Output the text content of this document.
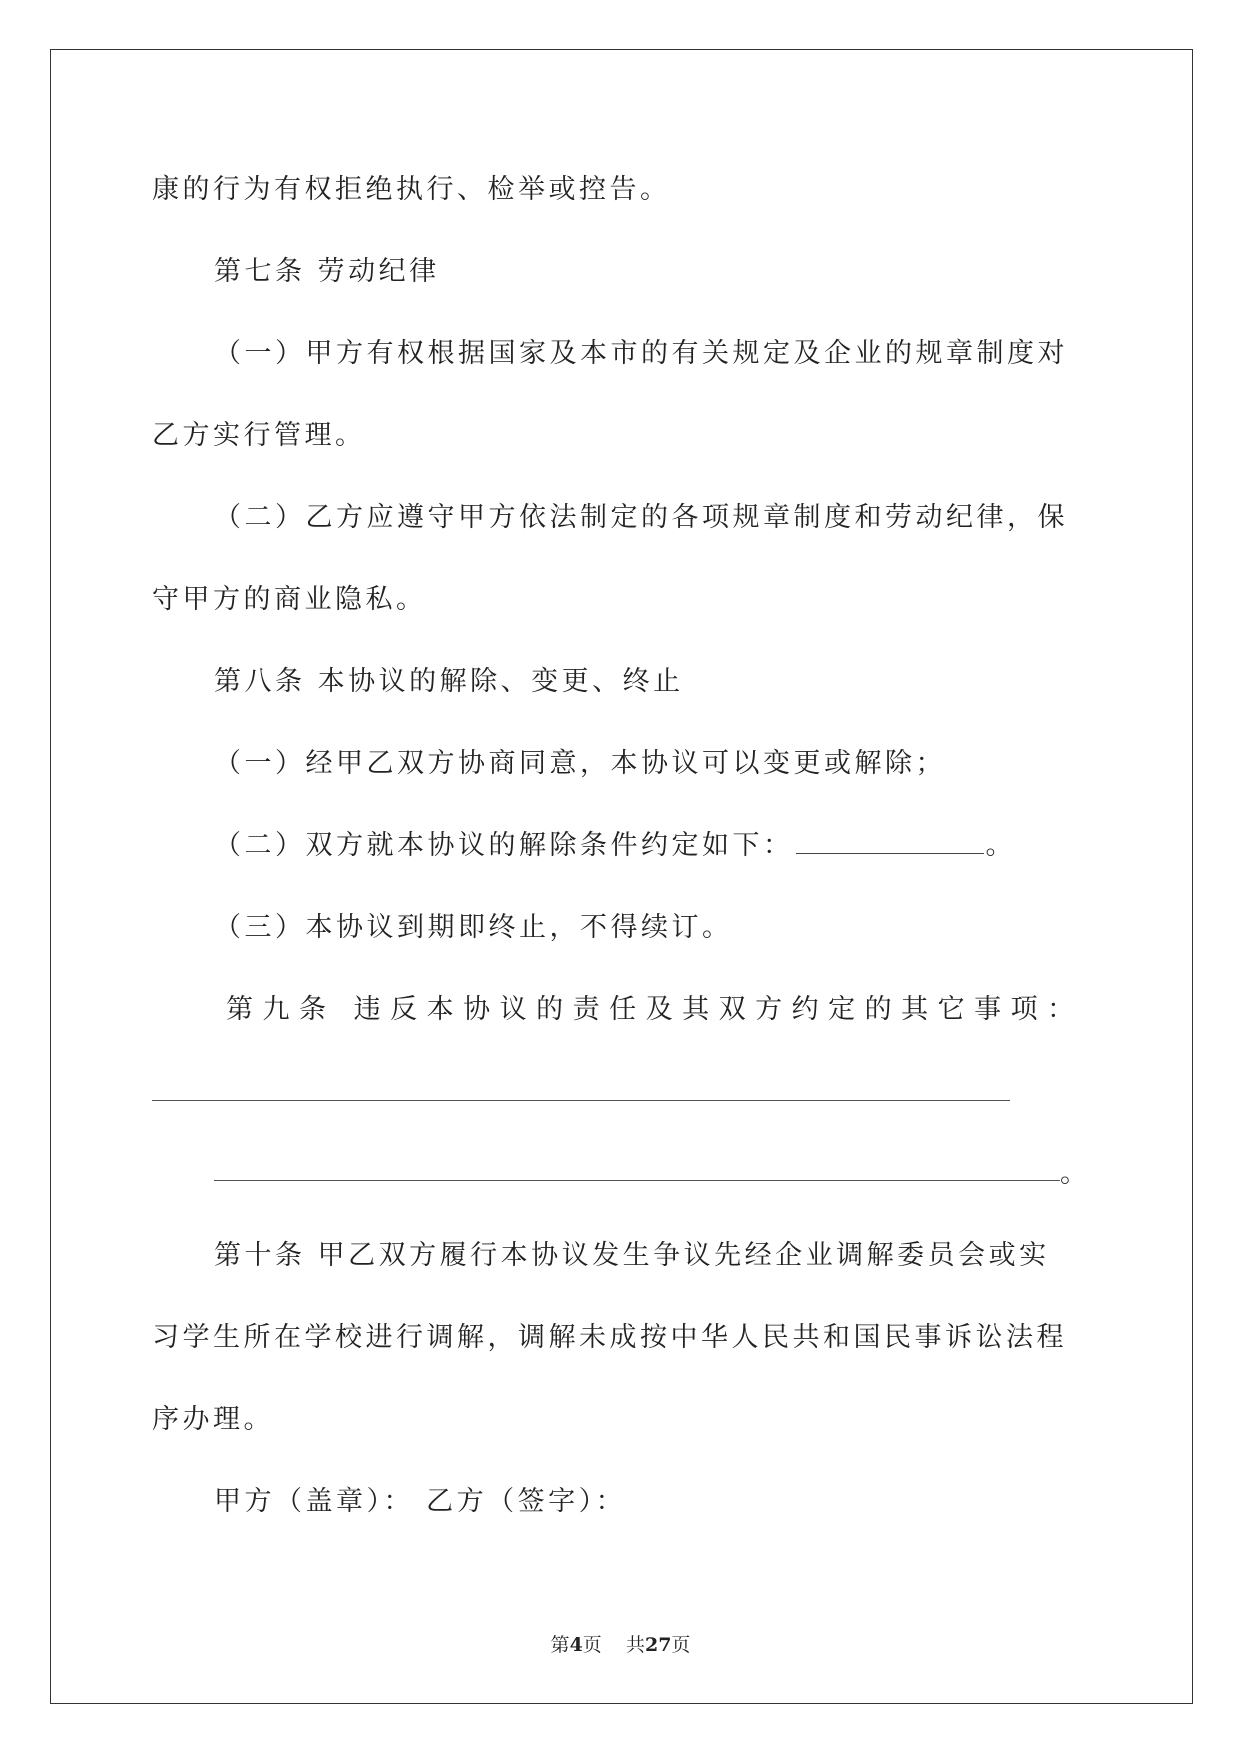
康的行为有权拒绝执行、检举或控告。
第七条 劳动纪律
（一）甲方有权根据国家及本市的有关规定及企业的规章制度对
乙方实行管理。
（二）乙方应遵守甲方依法制定的各项规章制度和劳动纪律，保
守甲方的商业隐私。
第八条 本协议的解除、变更、终止
（一）经甲乙双方协商同意，本协议可以变更或解除；
（二）双方就本协议的解除条件约定如下：	。
（三）本协议到期即终止，不得续订。
第九条 违反本协议的责任及其双方约定的其它事项：
。
第十条 甲乙双方履行本协议发生争议先经企业调解委员会或实
习学生所在学校进行调解，调解未成按中华人民共和国民事诉讼法程
序办理。
甲方（盖章）： 乙方（签字）：
第4页    共27页
